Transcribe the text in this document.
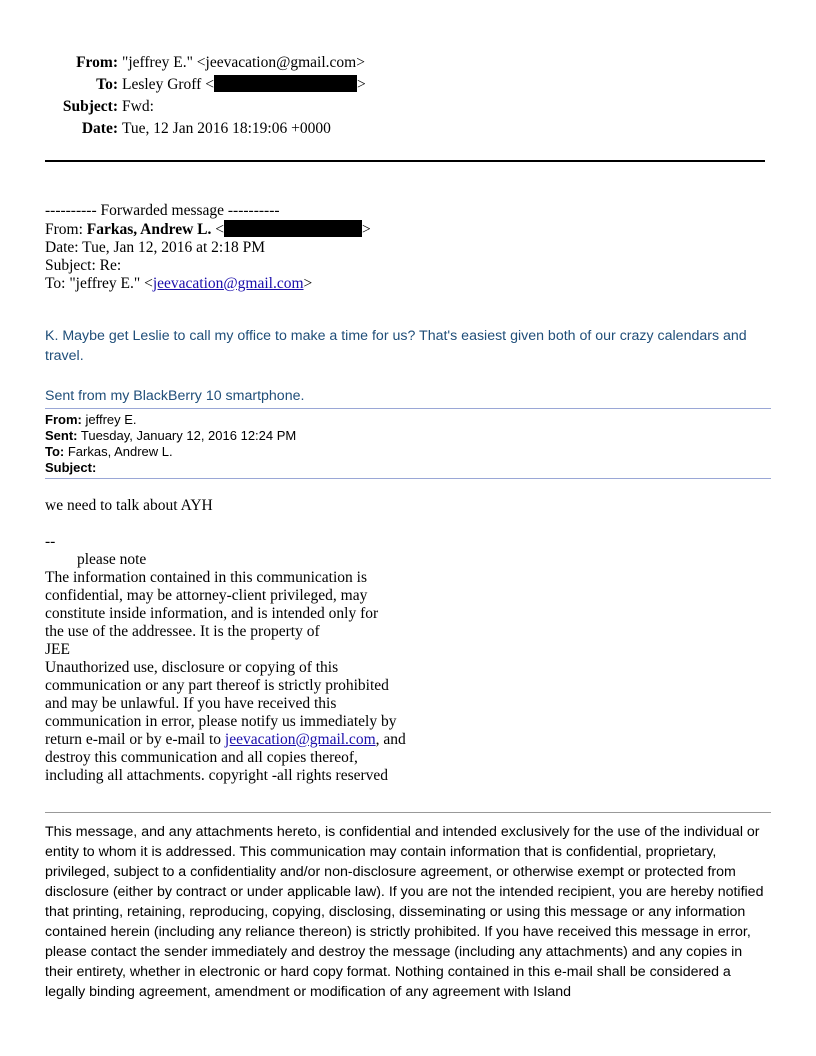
From: "jeffrey E." <jeevacation@gmail.com>
To: Lesley Groff <	>
Subject: Fwd:
Date: Tue, 12 Jan 2016 18:19:06 +0000
---------- Forwarded message ----------
From: Farkas, Andrew L. <	>
Date: Tue, Jan 12, 2016 at 2:18 PM
Subject: Re:
To: "jeffrey E." <jeevacation@gmail.com>
K. Maybe get Leslie to call my office to make a time for us? That's easiest given both of our crazy calendars and travel.
Sent from my BlackBerry 10 smartphone.
From: jeffrey E.
Sent: Tuesday, January 12, 2016 12:24 PM
To: Farkas, Andrew L.
Subject:
we need to talk about AYH
--
please note
The information contained in this communication is
confidential, may be attorney-client privileged, may
constitute inside information, and is intended only for
the use of the addressee. It is the property of
JEE
Unauthorized use, disclosure or copying of this
communication or any part thereof is strictly prohibited
and may be unlawful. If you have received this
communication in error, please notify us immediately by
return e-mail or by e-mail to jeevacation@gmail.com, and
destroy this communication and all copies thereof,
including all attachments. copyright -all rights reserved
This message, and any attachments hereto, is confidential and intended exclusively for the use of the individual or entity to whom it is addressed. This communication may contain information that is confidential, proprietary, privileged, subject to a confidentiality and/or non-disclosure agreement, or otherwise exempt or protected from disclosure (either by contract or under applicable law). If you are not the intended recipient, you are hereby notified that printing, retaining, reproducing, copying, disclosing, disseminating or using this message or any information contained herein (including any reliance thereon) is strictly prohibited. If you have received this message in error, please contact the sender immediately and destroy the message (including any attachments) and any copies in their entirety, whether in electronic or hard copy format. Nothing contained in this e-mail shall be considered a legally binding agreement, amendment or modification of any agreement with Island
